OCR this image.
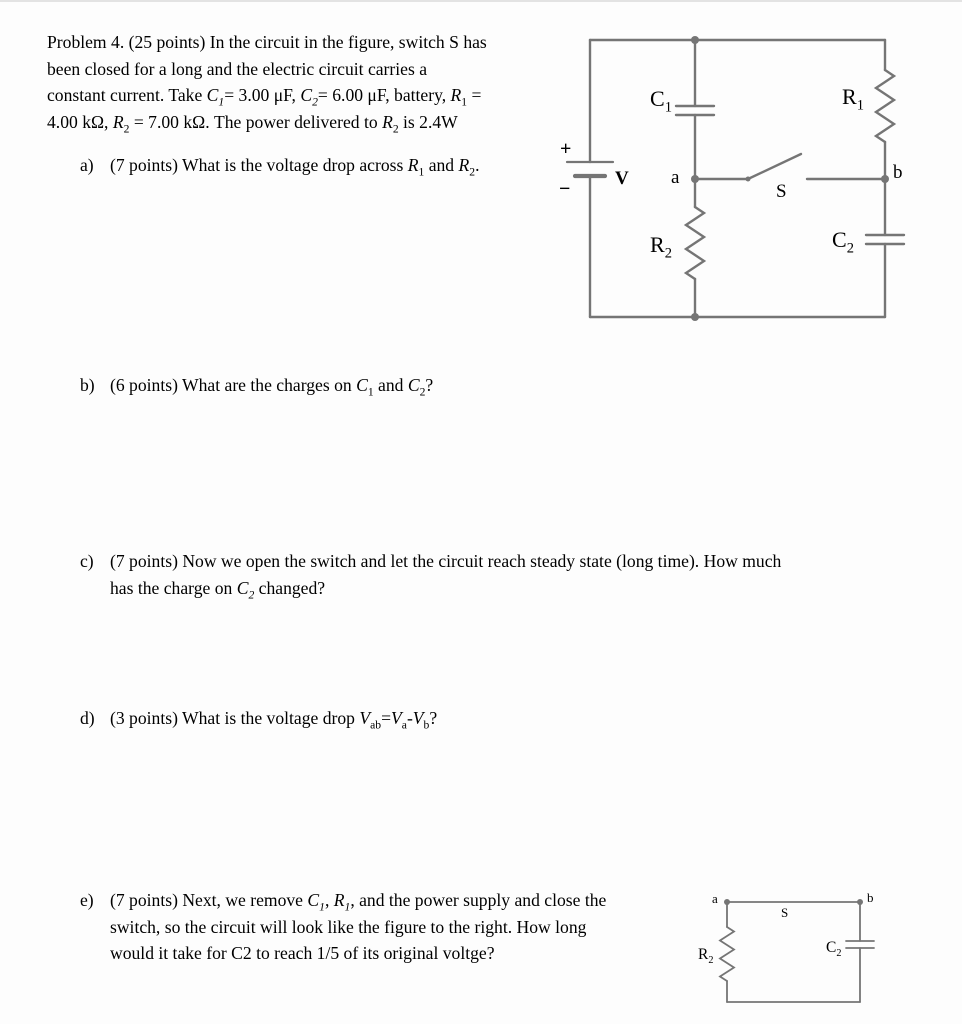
Problem 4. (25 points) In the circuit in the figure, switch S has
been closed for a long and the electric circuit carries a
constant current. Take $C_1= 3.00$ μF, $C_2= 6.00$ μF, battery, $R_1$ =
4.00 kΩ, $R_2 = 7.00$ kΩ. The power delivered to $R_2$ is 2.4W
a) (7 points) What is the voltage drop across $R_1$ and $R_2$.
b) (6 points) What are the charges on $C_1$ and $C_2$?
c) (7 points) Now we open the switch and let the circuit reach steady state (long time). How much
has the charge on $C_2$ changed?
d) (3 points) What is the voltage drop $V_{ab}=V_a-V_b$?
e) (7 points) Next, we remove $C_1$, $R_1$, and the power supply and close the
switch, so the circuit will look like the figure to the right. How long
would it take for C2 to reach 1/5 of its original voltge?
+
− V
$C_1$	$R_1$
a
S
b
$R_2$
$C_2$
a
S
b
$R_2$
$C_2$
